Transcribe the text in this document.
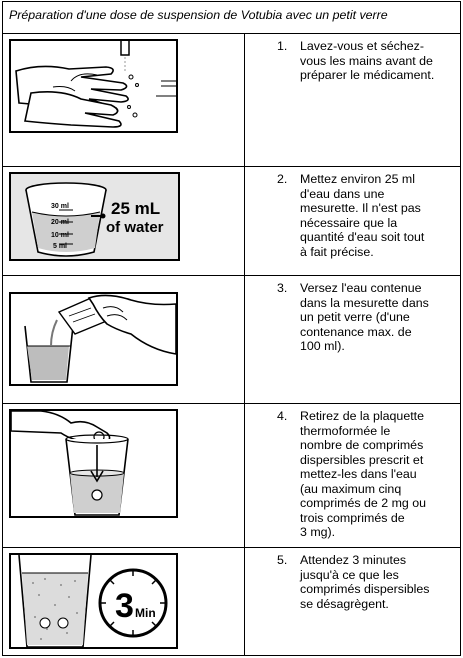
Préparation d'une dose de suspension de Votubia avec un petit verre
1. Lavez-vous et séchez-
vous les mains avant de
préparer le médicament.
30 ml
20 ml
10 ml
5 ml
25 mL
of water
2. Mettez environ 25 ml
d'eau dans une
mesurette. Il n'est pas
nécessaire que la
quantité d'eau soit tout
à fait précise.
3. Versez l'eau contenue
dans la mesurette dans
un petit verre (d'une
contenance max. de
100 ml).
4. Retirez de la plaquette
thermoformée le
nombre de comprimés
dispersibles prescrit et
mettez-les dans l'eau
(au maximum cinq
comprimés de 2 mg ou
trois comprimés de
3 mg).
3 Min
5. Attendez 3 minutes
jusqu'à ce que les
comprimés dispersibles
se désagrègent.
